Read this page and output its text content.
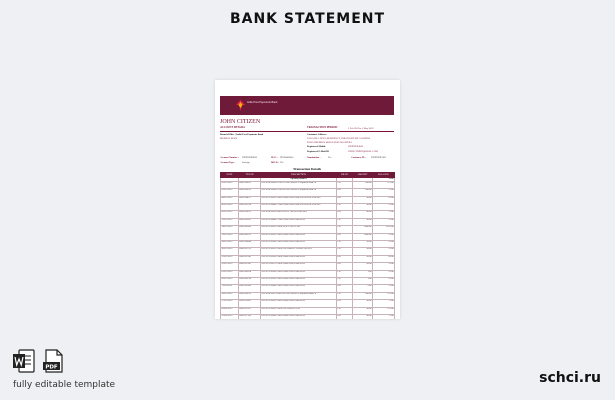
BANK STATEMENT
India Post Payments Bank
JOHN CITIZEN
ACCOUNT DETAILS	TRANSACTION PERIOD :	1 Feb 2019 to 1 May 2019
Branch/Office | India Post Payments Bank
MUMBAI MAIN
Customer Address :
23/B VILLA NOVA RESIDENCY, HIRANANDANI GARDENS
POWAI MUMBAI 400076 MAHARASHTRA
Registered Mobile	XXXXXX4502
Registered E-Mail ID	JOHNCITIZEN@MAIL.COM
Account Number : XXXXXX8962	IFSC : IPOS0000001	Nomination :	Yes	Customer ID : XXXXXX7461
Account Type :	Savings	MICR : NA
Transaction Details
DATE	TXN ID	DESCRIPTION	DR/CR	AMOUNT	BALANCE
		Opening Balance			11.00
01-02-2019	IB01204521	UPI/P2M/904812734512/ADD MONEY/Payment from Ph	CR	100.00	111.00
01-02-2019	IB01204522	UPI/P2M/904812734518/ADD MONEY/Payment from Ph	DR	100.00	11.00
04-02-2019	IB01204871	UPI/P2A/903512345678/MR JOHN/SBIN/XXXXXX1234/UPI	DR	50.00	61.00
06-02-2019	IB01205230	UPI/P2A/904812734512/MR JOHN/SBIN/XXXXXX1234/UPI	CR	50.00	11.00
09-02-2019	IB01205612	UPI/P2M/905012345678/PAYTM/ADD MONEY	DR	60.00	71.00
12-02-2019	IB01205991	UPI/P2A/904812734512/MR JOHN/SBIN/UPI	CR	50.00	21.00
14-02-2019	IB01206342	UPI/P2A/905212345678/ACCOUNT/UPI	CR	1000.00	1021.00
15-02-2019	IB01206511	UPI/P2A/905312345678/MR JOHN/SBIN/UPI	DR	1000.00	21.00
18-02-2019	IB01206880	UPI/P2A/905412345678/MR JOHN/SBIN/UPI	CR	10.00	31.00
20-02-2019	IB01207213	UPI/P2A/905512345678/PAYMENT FROM APP/UPI	CR	20.00	51.00
22-02-2019	IB01207542	UPI/P2A/905612345678/MR JOHN/SBIN/UPI	DR	10.00	41.00
25-02-2019	IB01207901	UPI/P2A/905712345678/MR JOHN/SBIN/UPI	DR	20.00	21.00
01-03-2019	IB01208324	UPI/P2A/905812345678/MR JOHN/SBIN/UPI	CR	1.00	22.00
05-03-2019	IB01208790	UPI/P2A/905912345678/MR JOHN/SBIN/UPI	CR	1.00	23.00
11-03-2019	IB01209345	UPI/P2A/906012345678/MR JOHN/SBIN/UPI	DR	2.00	21.00
18-03-2019	IB01209912	UPI/P2M/906112345678/ADD MONEY/Payment from Ph	CR	100.00	121.00
27-03-2019	IB01210455	UPI/P2A/906212345678/MR JOHN/SBIN/UPI	DR	50.00	71.00
09-04-2019	IB01211021	UPI/P2A/906312345678/PAYMENT/UPI	CR	50.00	121.00
22-04-2019	IB01211788	UPI/P2A/906412345678/MR JOHN/SBIN/UPI	DR	50.00	71.00
PDF
fully editable template	schci.ru
